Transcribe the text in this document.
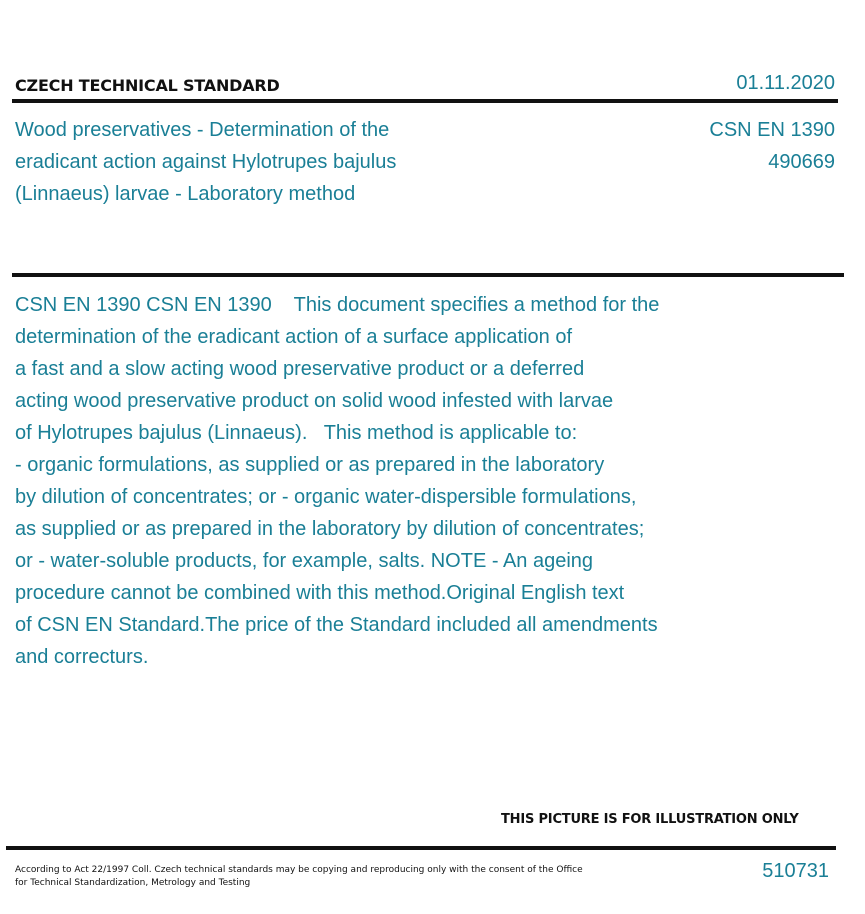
CZECH TECHNICAL STANDARD	01.11.2020
Wood preservatives - Determination of the
eradicant action against Hylotrupes bajulus
(Linnaeus) larvae - Laboratory method
CSN EN 1390
490669

CSN EN 1390 CSN EN 1390    This document specifies a method for the
determination of the eradicant action of a surface application of
a fast and a slow acting wood preservative product or a deferred
acting wood preservative product on solid wood infested with larvae
of Hylotrupes bajulus (Linnaeus).   This method is applicable to:
- organic formulations, as supplied or as prepared in the laboratory
by dilution of concentrates; or - organic water-dispersible formulations,
as supplied or as prepared in the laboratory by dilution of concentrates;
or - water-soluble products, for example, salts. NOTE - An ageing
procedure cannot be combined with this method.Original English text
of CSN EN Standard.The price of the Standard included all amendments
and correcturs.

THIS PICTURE IS FOR ILLUSTRATION ONLY
According to Act 22/1997 Coll. Czech technical standards may be copying and reproducing only with the consent of the Office
for Technical Standardization, Metrology and Testing
510731
